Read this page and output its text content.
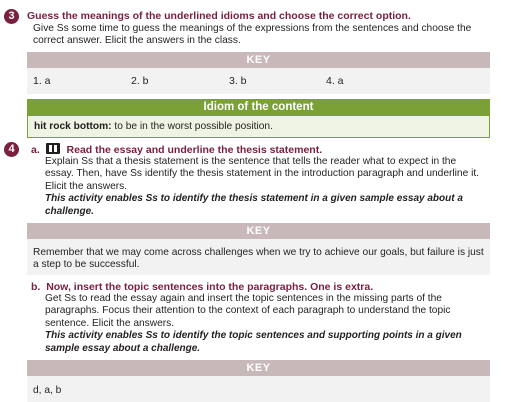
3	Guess the meanings of the underlined idioms and choose the correct option.
Give Ss some time to guess the meanings of the expressions from the sentences and choose the
correct answer. Elicit the answers in the class.
KEY
1. a	2. b	3. b	4. a
Idiom of the content
hit rock bottom: to be in the worst possible position.
4	a.	Read the essay and underline the thesis statement.
Explain Ss that a thesis statement is the sentence that tells the reader what to expect in the
essay. Then, have Ss identify the thesis statement in the introduction paragraph and underline it.
Elicit the answers.
This activity enables Ss to identify the thesis statement in a given sample essay about a
challenge.
KEY
Remember that we may come across challenges when we try to achieve our goals, but failure is just
a step to be successful.
b. Now, insert the topic sentences into the paragraphs. One is extra.
Get Ss to read the essay again and insert the topic sentences in the missing parts of the
paragraphs. Focus their attention to the context of each paragraph to understand the topic
sentence. Elicit the answers.
This activity enables Ss to identify the topic sentences and supporting points in a given
sample essay about a challenge.
KEY
d, a, b
